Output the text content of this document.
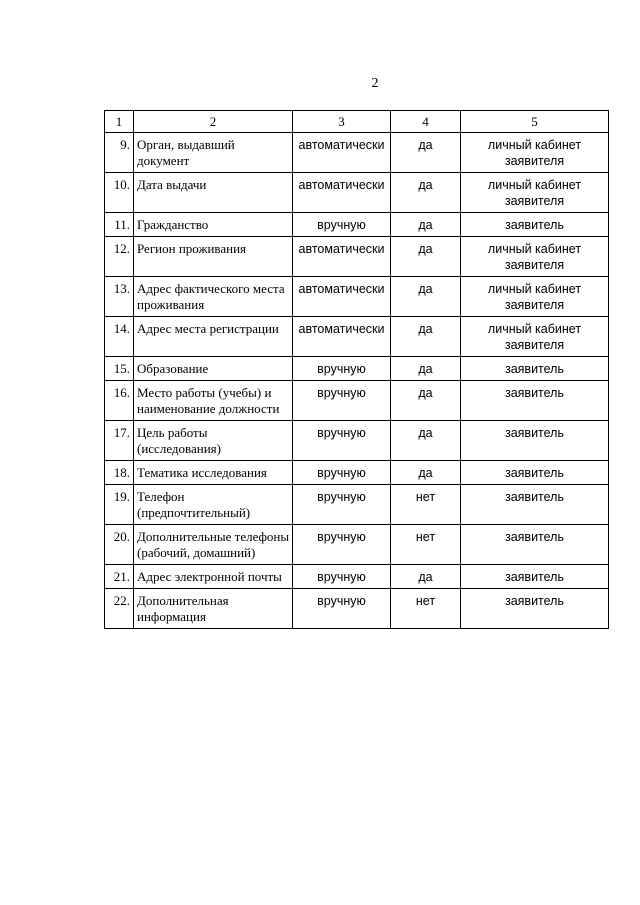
2
1	2	3	4	5
9.	Орган, выдавший документ	автоматически	да	личный кабинет заявителя
10.	Дата выдачи	автоматически	да	личный кабинет заявителя
11.	Гражданство	вручную	да	заявитель
12.	Регион проживания	автоматически	да	личный кабинет заявителя
13.	Адрес фактического места проживания	автоматически	да	личный кабинет заявителя
14.	Адрес места регистрации	автоматически	да	личный кабинет заявителя
15.	Образование	вручную	да	заявитель
16.	Место работы (учебы) и наименование должности	вручную	да	заявитель
17.	Цель работы (исследования)	вручную	да	заявитель
18.	Тематика исследования	вручную	да	заявитель
19.	Телефон (предпочтительный)	вручную	нет	заявитель
20.	Дополнительные телефоны (рабочий, домашний)	вручную	нет	заявитель
21.	Адрес электронной почты	вручную	да	заявитель
22.	Дополнительная информация	вручную	нет	заявитель
